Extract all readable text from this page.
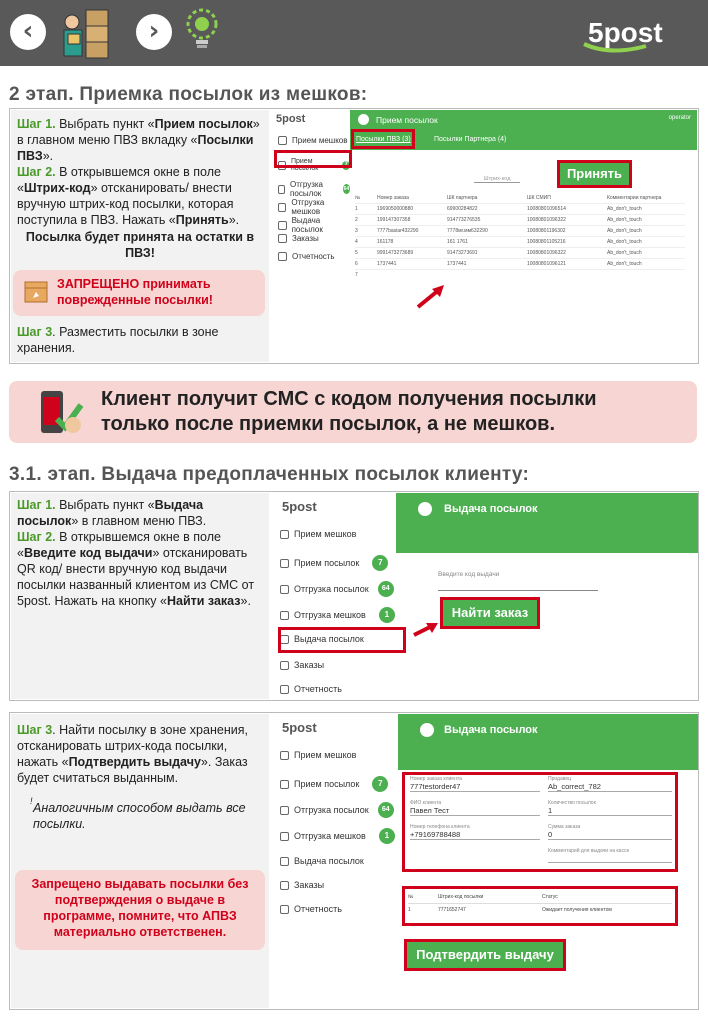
‹	›	5post
2 этап. Приемка посылок из мешков:
Шаг 1. Выбрать пункт «Прием посылок» в главном меню ПВЗ вкладку «Посылки ПВЗ».
Шаг 2. В открывшемся окне в поле «Штрих-код» отсканировать/ внести вручную штрих-код посылки, которая поступила в ПВЗ. Нажать «Принять».
Посылка будет принята на остатки в ПВЗ!
ЗАПРЕЩЕНО принимать поврежденные посылки!
Шаг 3. Разместить посылки в зоне хранения.
5post	Прием посылок	operator
Посылки ПВЗ (3)	Посылки Партнера (4)
Прием мешков
Прием посылок
7
Отгрузка посылок	64
Отгрузка мешков
Выдача посылок
Заказы
Отчетность
Штрих-код	Принять
№	Номер заказа	ШК партнера	ШК СМИП	Комментарии партнера
1	1969050000880	69900284822	10080801096514	Ab_don't_touch
2	199147307358	914773276535	10080801096322	Ab_don't_touch
3	7777basiar432290	7778мг.мм632290	10080801196302	Ab_don't_touch
4	161178	161 1761	10080801105216	Ab_don't_touch
5	9991473273689	91473273691	10080801096322	Ab_don't_touch
6	1737441	1737441	10080801096121	Ab_don't_touch
7
Клиент получит СМС с кодом получения посылки
только после приемки посылок, а не мешков.
3.1. этап. Выдача предоплаченных посылок клиенту:
Шаг 1. Выбрать пункт «Выдача посылок» в главном меню ПВЗ.
Шаг 2. В открывшемся окне в поле «Введите код выдачи» отсканировать QR код/ внести вручную код выдачи посылки названный клиентом из СМС от 5post. Нажать на кнопку «Найти заказ».
5post	Выдача посылок
Прием мешков
Прием посылок	7
Отгрузка посылок	64
Отгрузка мешков	1
Выдача посылок
Заказы
Отчетность
Введите код выдачи
Найти заказ
Шаг 3. Найти посылку в зоне хранения, отсканировать штрих-кода посылки, нажать «Подтвердить выдачу». Заказ будет считаться выданным.
! Аналогичным способом выдать все посылки.
Запрещено выдавать посылки без подтверждения о выдаче в программе, помните, что АПВЗ материально ответственен.
5post	Выдача посылок
Прием мешков
Прием посылок	7
Отгрузка посылок	64
Отгрузка мешков	1
Выдача посылок
Заказы
Отчетность
Номер заказа клиента
777testorder47
ФИО клиента
Павел Тест
Номер телефона клиента
+79169788488
Продавец
Ab_correct_782
Количество посылок
1
Сумма заказа
0
Комментарий для выдачи на кассе
№	Штрих-код посылки	Статус
1	7771652747	Ожидает получения клиентом
Подтвердить выдачу
